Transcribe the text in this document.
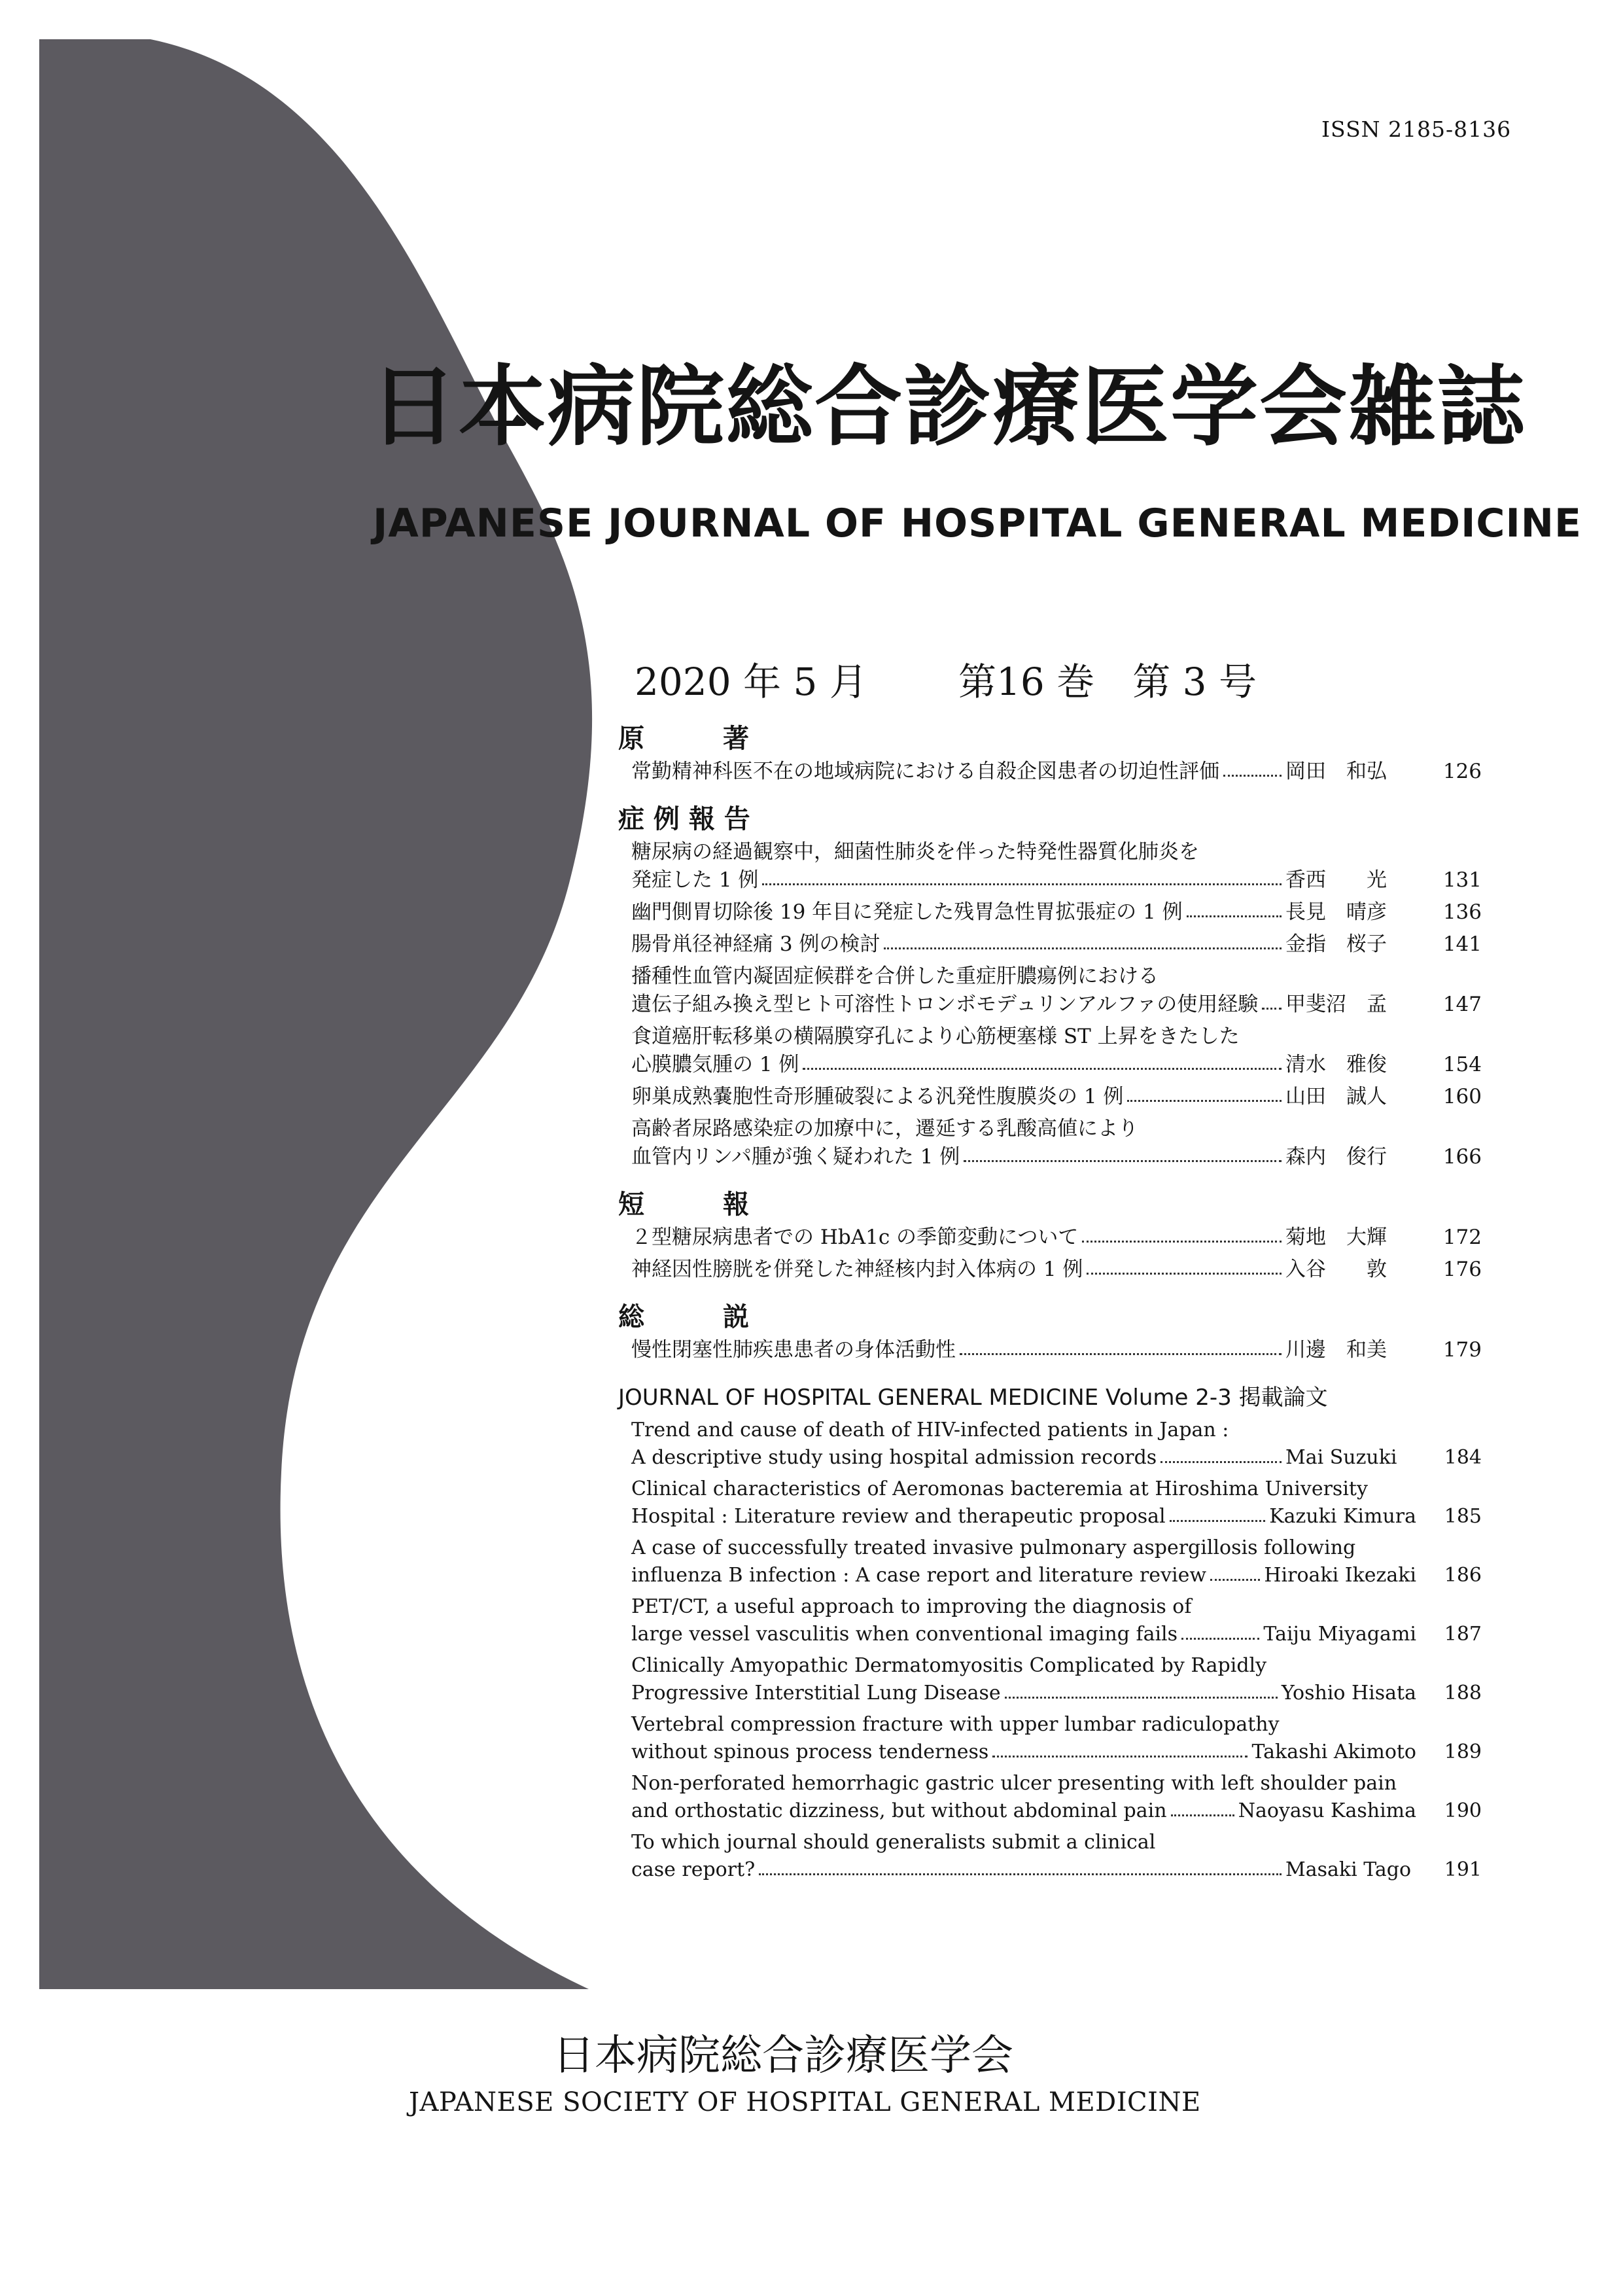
ISSN 2185-8136
日本病院総合診療医学会雑誌
JAPANESE JOURNAL OF HOSPITAL GENERAL MEDICINE
2020 年 5 月 第16 巻　第 3 号
原　　　著
常勤精神科医不在の地域病院における自殺企図患者の切迫性評価	岡田　和弘	126
症 例 報 告
糖尿病の経過観察中，細菌性肺炎を伴った特発性器質化肺炎を
発症した 1 例	香西　　光	131
幽門側胃切除後 19 年目に発症した残胃急性胃拡張症の 1 例	長見　晴彦	136
腸骨鼡径神経痛 3 例の検討	金指　桜子	141
播種性血管内凝固症候群を合併した重症肝膿瘍例における
遺伝子組み換え型ヒト可溶性トロンボモデュリンアルファの使用経験 甲斐沼　孟	147
食道癌肝転移巣の横隔膜穿孔により心筋梗塞様 ST 上昇をきたした
心膜膿気腫の 1 例	清水　雅俊	154
卵巣成熟嚢胞性奇形腫破裂による汎発性腹膜炎の 1 例	山田　誠人	160
高齢者尿路感染症の加療中に，遷延する乳酸高値により
血管内リンパ腫が強く疑われた 1 例	森内　俊行	166
短　　　報
２型糖尿病患者での HbA1c の季節変動について	菊地　大輝	172
神経因性膀胱を併発した神経核内封入体病の 1 例	入谷　　敦	176
総　　　説
慢性閉塞性肺疾患患者の身体活動性	川邊　和美	179
JOURNAL OF HOSPITAL GENERAL MEDICINE Volume 2-3 掲載論文
Trend and cause of death of HIV-infected patients in Japan :
A descriptive study using hospital admission records	Mai Suzuki	184
Clinical characteristics of Aeromonas bacteremia at Hiroshima University
Hospital : Literature review and therapeutic proposal	Kazuki Kimura	185
A case of successfully treated invasive pulmonary aspergillosis following
influenza B infection : A case report and literature review	Hiroaki Ikezaki	186
PET/CT, a useful approach to improving the diagnosis of
large vessel vasculitis when conventional imaging fails	Taiju Miyagami	187
Clinically Amyopathic Dermatomyositis Complicated by Rapidly
Progressive Interstitial Lung Disease	Yoshio Hisata	188
Vertebral compression fracture with upper lumbar radiculopathy
without spinous process tenderness	Takashi Akimoto	189
Non-perforated hemorrhagic gastric ulcer presenting with left shoulder pain
and orthostatic dizziness, but without abdominal pain	Naoyasu Kashima	190
To which journal should generalists submit a clinical
case report?	Masaki Tago	191
日本病院総合診療医学会
JAPANESE SOCIETY OF HOSPITAL GENERAL MEDICINE
